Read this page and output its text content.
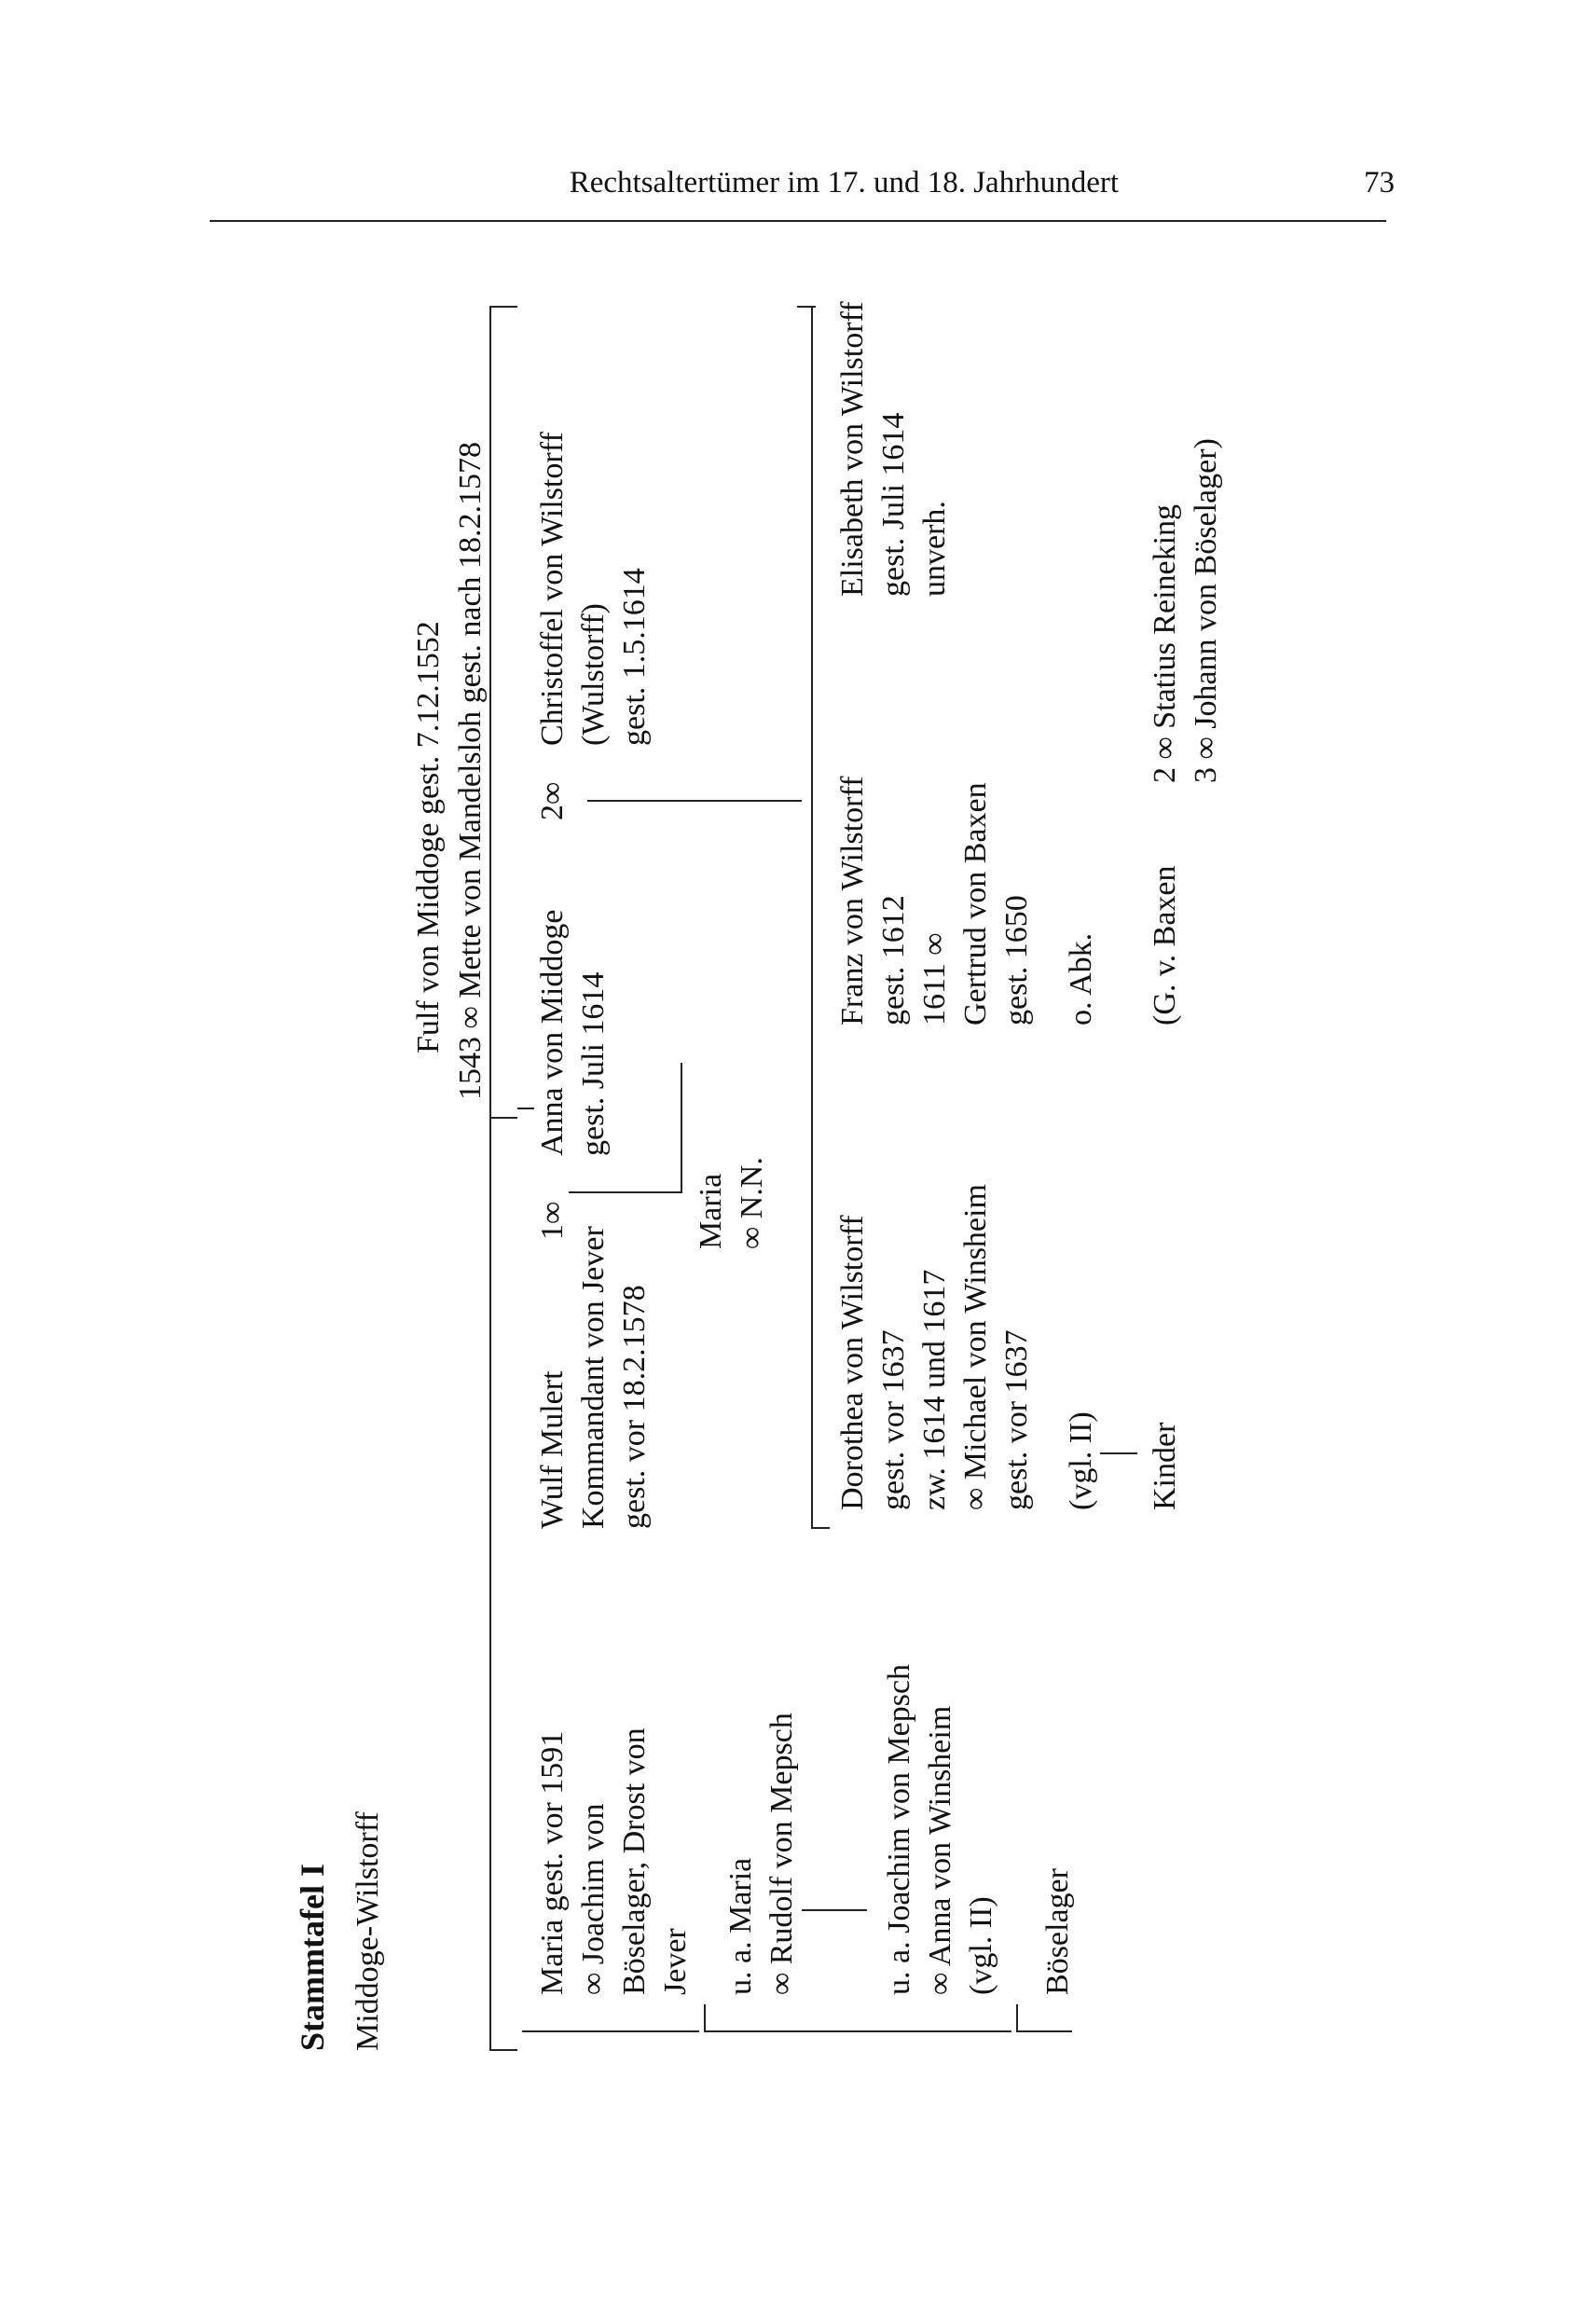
Rechtsaltertümer im 17. und 18. Jahrhundert	73
Stammtafel I Middoge-Wilstorff
Fulf von Middoge gest. 7.12.1552 1543 ∞ Mette von Mandelsloh gest. nach 18.2.1578
Maria gest. vor 1591 ∞ Joachim von Böselager, Drost von Jever u. a. Maria ∞ Rudolf von Mepsch	u. a. Joachim von Mepsch ∞ Anna von Winsheim (vgl. II) Böselager
Wulf Mulert Kommandant von Jever gest. vor 18.2.1578
1∞
Anna von Middoge gest. Juli 1614
2∞
Christoffel von Wilstorff (Wulstorff) gest. 1.5.1614
Maria ∞ N.N.
Dorothea von Wilstorff gest. vor 1637 zw. 1614 und 1617 ∞ Michael von Winsheim gest. vor 1637 (vgl. II) Kinder
Franz von Wilstorff gest. 1612 1611 ∞ Gertrud von Baxen gest. 1650 o. Abk. (G. v. Baxen
Elisabeth von Wilstorff gest. Juli 1614 unverh.	2 ∞ Statius Reineking 3 ∞ Johann von Böselager)
